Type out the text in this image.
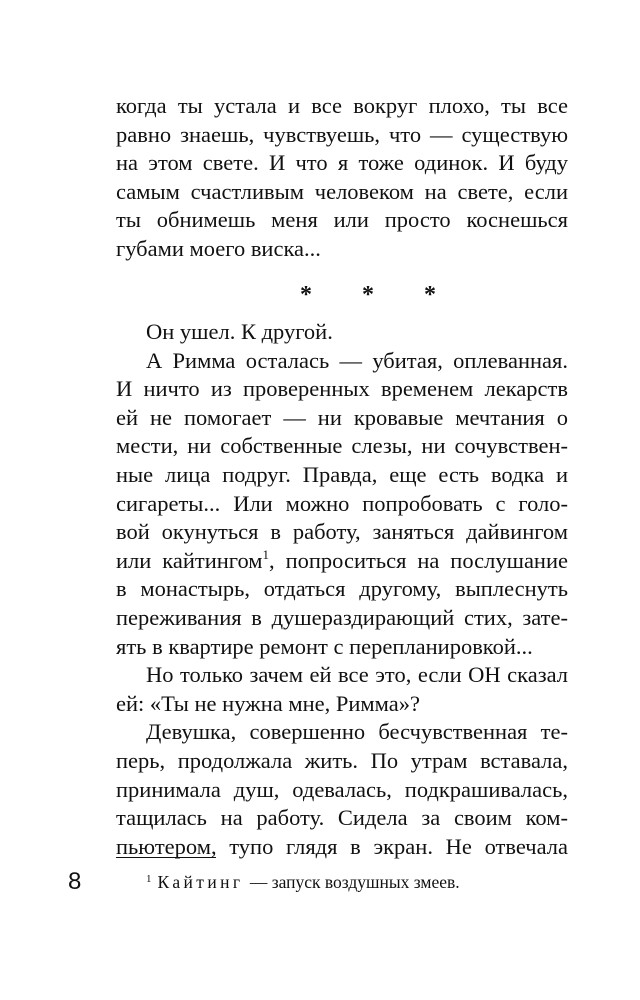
когда ты устала и все вокруг плохо, ты все
равно знаешь, чувствуешь, что — существую
на этом свете. И что я тоже одинок. И буду
самым счастливым человеком на свете, если
ты обнимешь меня или просто коснешься
губами моего виска...
* * *
Он ушел. К другой.
А Римма осталась — убитая, оплеванная.
И ничто из проверенных временем лекарств
ей не помогает — ни кровавые мечтания о
мести, ни собственные слезы, ни сочувствен-
ные лица подруг. Правда, еще есть водка и
сигареты... Или можно попробовать с голо-
вой окунуться в работу, заняться дайвингом
или кайтингом$^1$, попроситься на послушание
в монастырь, отдаться другому, выплеснуть
переживания в душераздирающий стих, зате-
ять в квартире ремонт с перепланировкой...
Но только зачем ей все это, если ОН сказал
ей: «Ты не нужна мне, Римма»?
Девушка, совершенно бесчувственная те-
перь, продолжала жить. По утрам вставала,
принимала душ, одевалась, подкрашивалась,
тащилась на работу. Сидела за своим ком-
пьютером, тупо глядя в экран. Не отвечала
8	$^1$ Кайтинг — запуск воздушных змеев.
